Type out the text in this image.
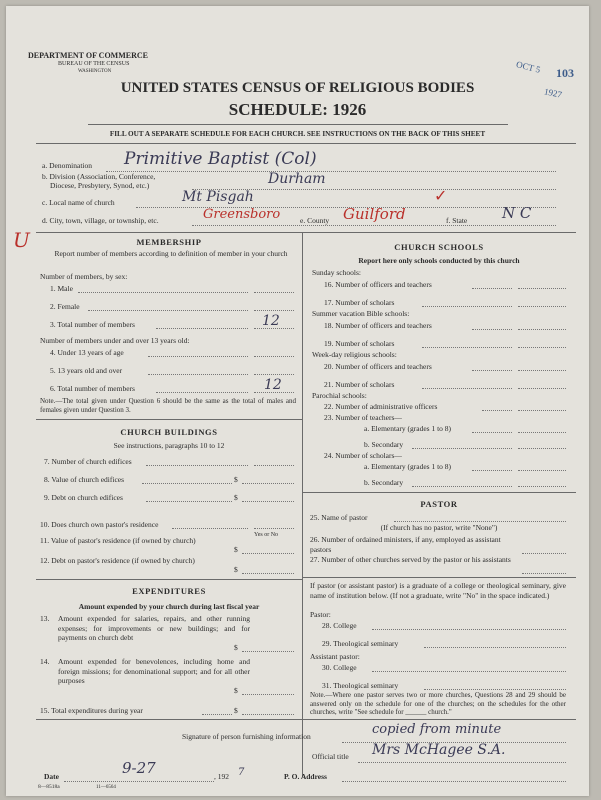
DEPARTMENT OF COMMERCE
BUREAU OF THE CENSUS
WASHINGTON
UNITED STATES CENSUS OF RELIGIOUS BODIES
SCHEDULE: 1926
OCT 5 103
1927
FILL OUT A SEPARATE SCHEDULE FOR EACH CHURCH. SEE INSTRUCTIONS ON THE BACK OF THIS SHEET
a. Denomination Primitive Baptist (Col)
b. Division (Association, Conference,
Diocese, Presbytery, Synod, etc.)	Durham
c. Local name of church	Mt Pisgah
d. City, town, village, or township, etc.	Greensboro	e. County Guilford
✓
f. State N C
U	MEMBERSHIP
Report number of members according to definition of member in your church
Number of members, by sex:
1. Male
2. Female
3. Total number of members	12
Number of members under and over 13 years old:
4. Under 13 years of age
5. 13 years old and over
6. Total number of members	12
Note.—The total given under Question 6 should be the same as the total of males and females given under Question 3.
CHURCH BUILDINGS
See instructions, paragraphs 10 to 12
7. Number of church edifices
8. Value of church edifices	$
9. Debt on church edifices	$
10. Does church own pastor's residence
Yes or No
11. Value of pastor's residence (if owned by church)
$
12. Debt on pastor's residence (if owned by church)
$
EXPENDITURES
Amount expended by your church during last fiscal year
13. Amount expended for salaries, repairs, and other running expenses; for improvements or new buildings; and for payments on church debt
$
14. Amount expended for benevolences, including home and foreign missions; for denominational support; and for all other purposes
$
15. Total expenditures during year	$
CHURCH SCHOOLS
Report here only schools conducted by this church
Sunday schools:
16. Number of officers and teachers
17. Number of scholars
Summer vacation Bible schools:
18. Number of officers and teachers
19. Number of scholars
Week-day religious schools:
20. Number of officers and teachers
21. Number of scholars
Parochial schools:
22. Number of administrative officers
23. Number of teachers—
a. Elementary (grades 1 to 8)
b. Secondary
24. Number of scholars—
a. Elementary (grades 1 to 8)
b. Secondary
PASTOR
25. Name of pastor
(If church has no pastor, write "None")
26. Number of ordained ministers, if any, employed as assistant pastors
27. Number of other churches served by the pastor or his assistants
If pastor (or assistant pastor) is a graduate of a college or theological seminary, give name of institution below. (If not a graduate, write "No" in the space indicated.)
Pastor:
28. College
29. Theological seminary
Assistant pastor:
30. College
31. Theological seminary
Note.—Where one pastor serves two or more churches, Questions 28 and 29 should be answered only on the schedule for one of the churches; on the schedules for the other churches, write "See schedule for ______ church."
Signature of person furnishing information	copied from minute
Official title Mrs McHagee S.A.
Date	9-27	, 192 7	P. O. Address
8—8518a	11—6564
